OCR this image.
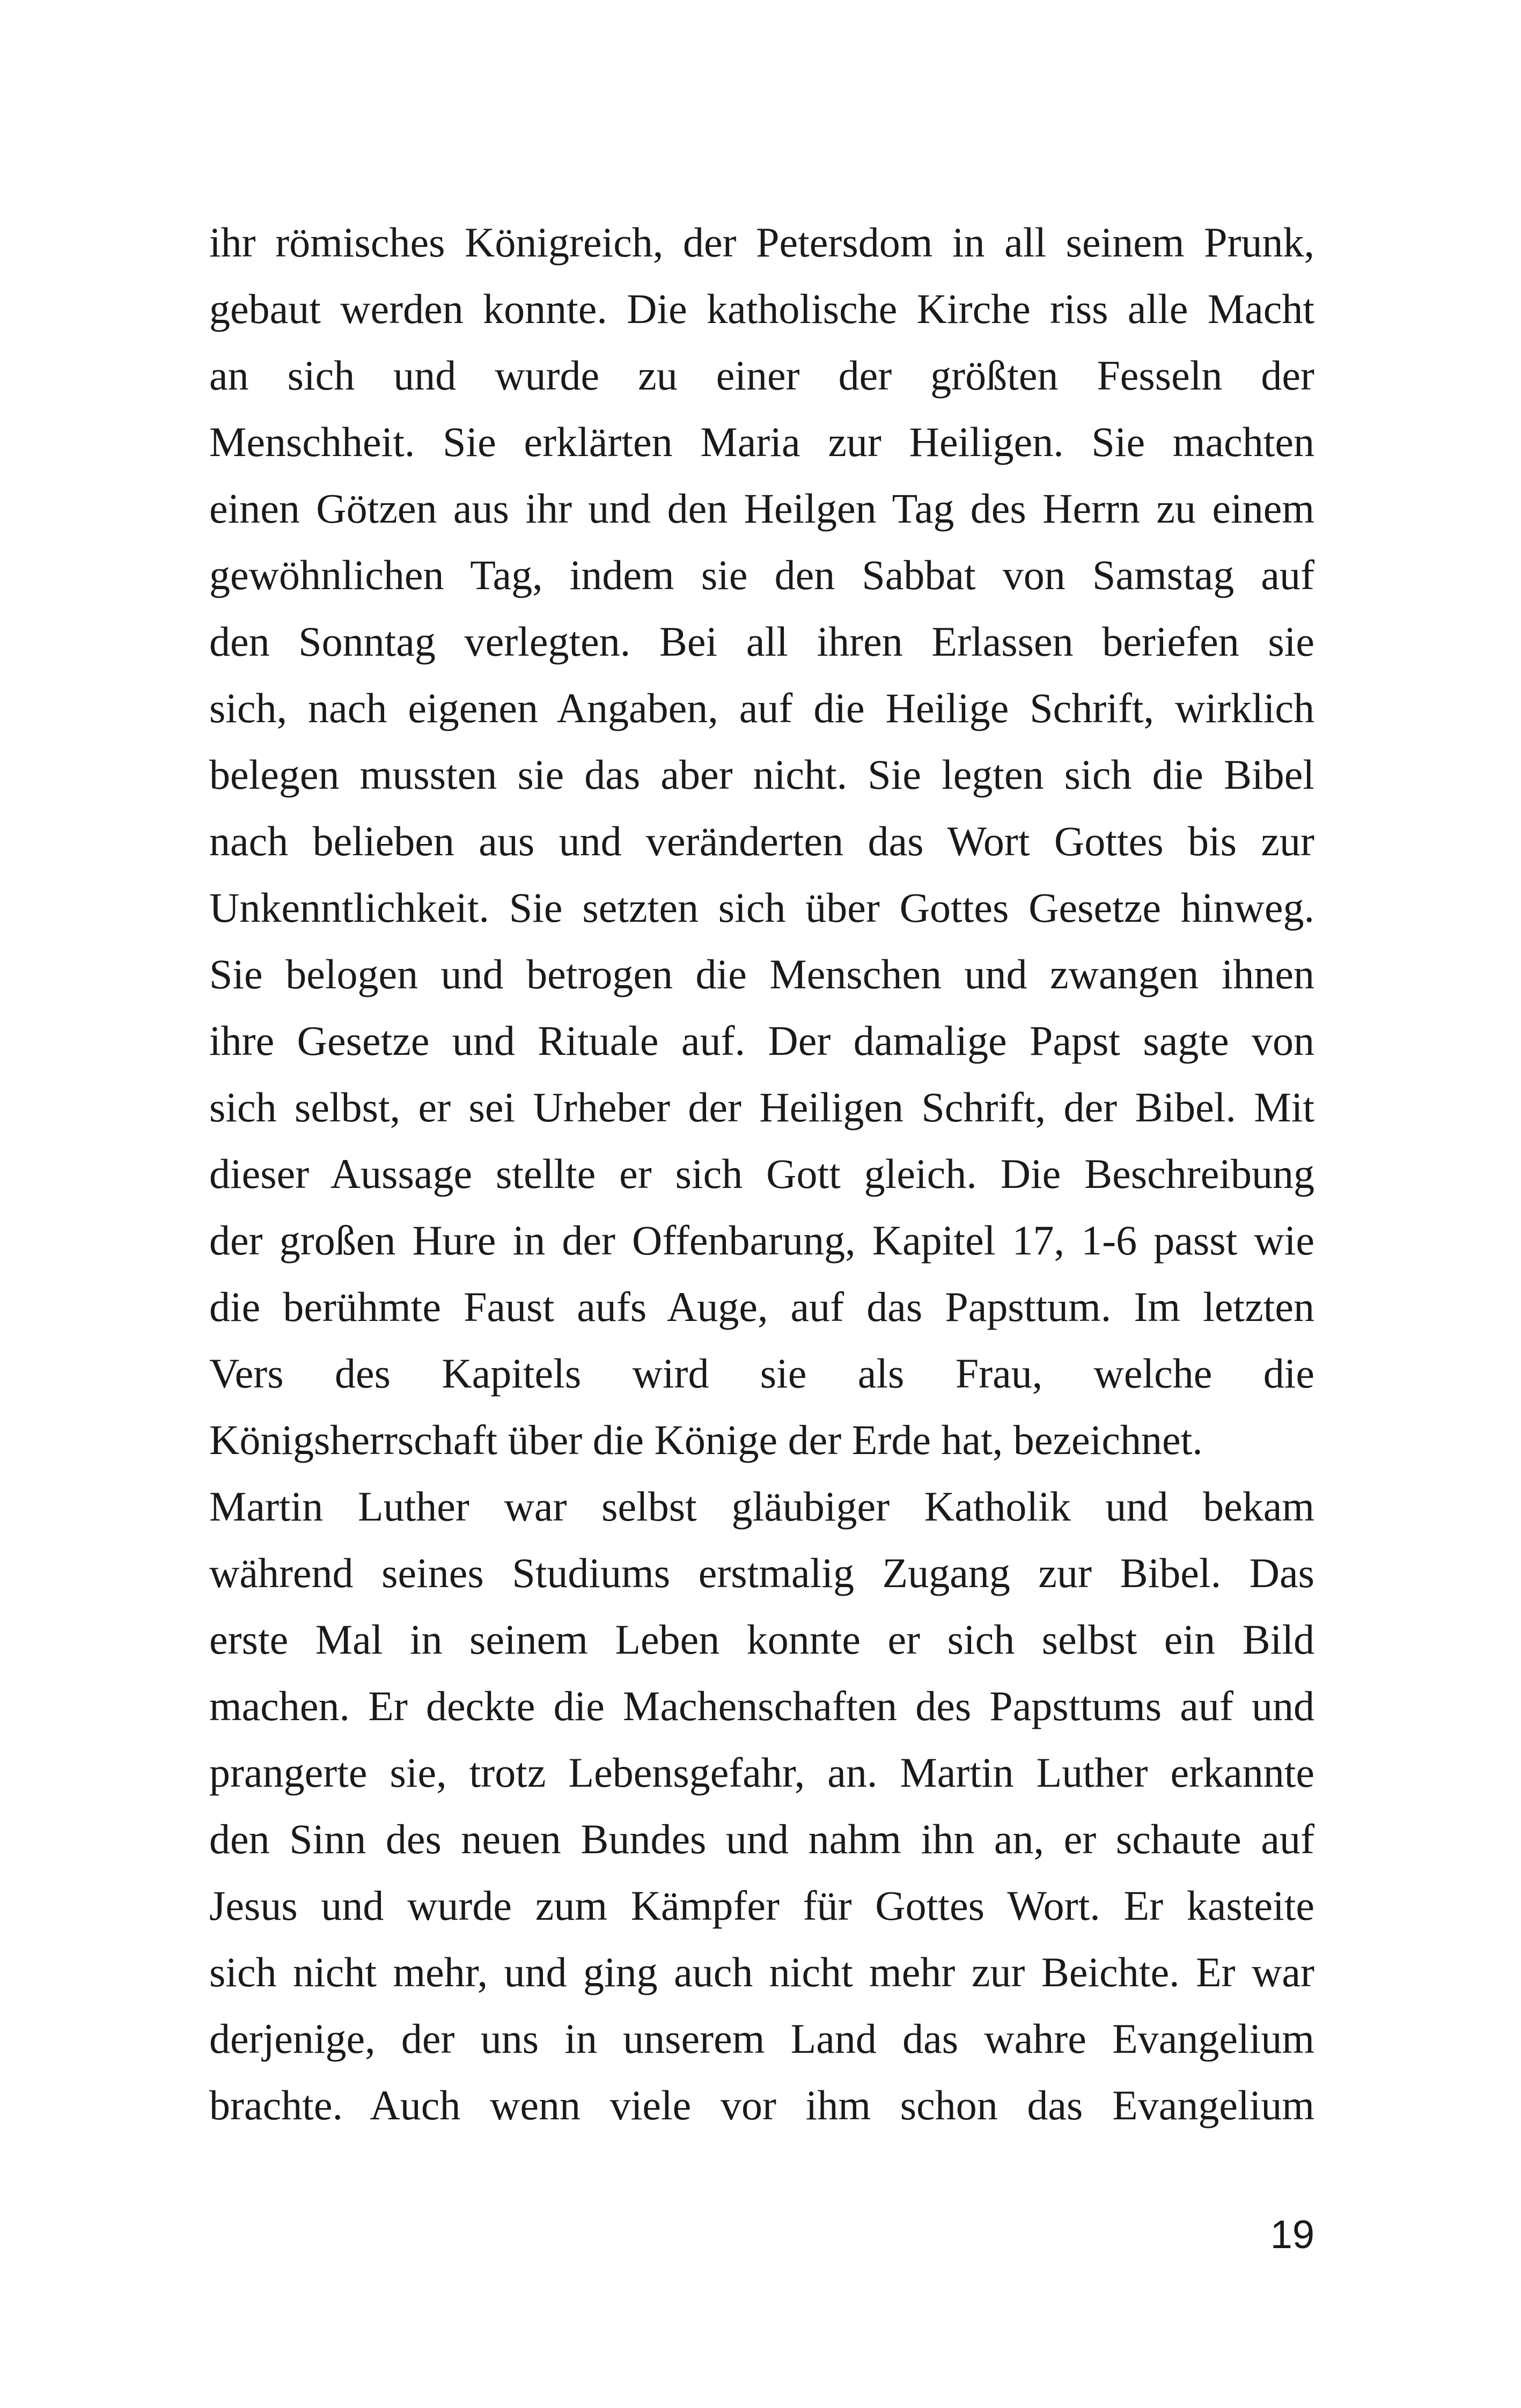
ihr römisches Königreich, der Petersdom in all seinem Prunk,
gebaut werden konnte. Die katholische Kirche riss alle Macht
an sich und wurde zu einer der größten Fesseln der
Menschheit. Sie erklärten Maria zur Heiligen. Sie machten
einen Götzen aus ihr und den Heilgen Tag des Herrn zu einem
gewöhnlichen Tag, indem sie den Sabbat von Samstag auf
den Sonntag verlegten. Bei all ihren Erlassen beriefen sie
sich, nach eigenen Angaben, auf die Heilige Schrift, wirklich
belegen mussten sie das aber nicht. Sie legten sich die Bibel
nach belieben aus und veränderten das Wort Gottes bis zur
Unkenntlichkeit. Sie setzten sich über Gottes Gesetze hinweg.
Sie belogen und betrogen die Menschen und zwangen ihnen
ihre Gesetze und Rituale auf. Der damalige Papst sagte von
sich selbst, er sei Urheber der Heiligen Schrift, der Bibel. Mit
dieser Aussage stellte er sich Gott gleich. Die Beschreibung
der großen Hure in der Offenbarung, Kapitel 17, 1-6 passt wie
die berühmte Faust aufs Auge, auf das Papsttum. Im letzten
Vers des Kapitels wird sie als Frau, welche die
Königsherrschaft über die Könige der Erde hat, bezeichnet.
Martin Luther war selbst gläubiger Katholik und bekam
während seines Studiums erstmalig Zugang zur Bibel. Das
erste Mal in seinem Leben konnte er sich selbst ein Bild
machen. Er deckte die Machenschaften des Papsttums auf und
prangerte sie, trotz Lebensgefahr, an. Martin Luther erkannte
den Sinn des neuen Bundes und nahm ihn an, er schaute auf
Jesus und wurde zum Kämpfer für Gottes Wort. Er kasteite
sich nicht mehr, und ging auch nicht mehr zur Beichte. Er war
derjenige, der uns in unserem Land das wahre Evangelium
brachte. Auch wenn viele vor ihm schon das Evangelium
19
